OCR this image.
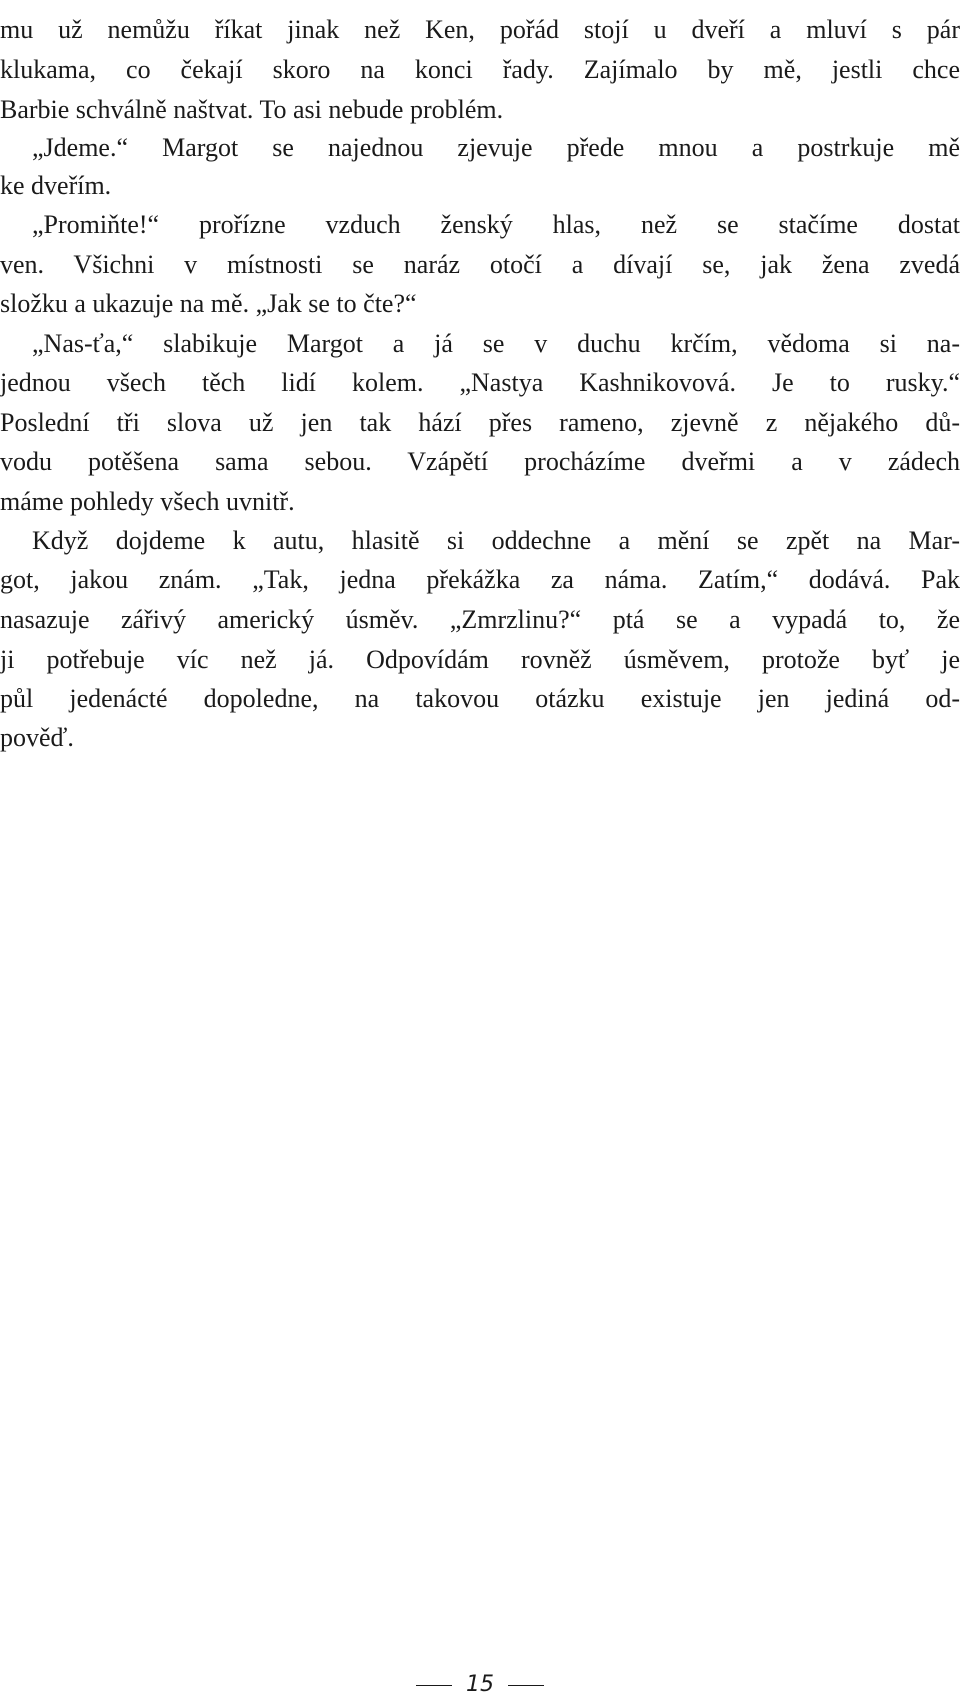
mu už nemůžu říkat jinak než Ken, pořád stojí u dveří a mluví s pár
klukama, co čekají skoro na konci řady. Zajímalo by mě, jestli chce
Barbie schválně naštvat. To asi nebude problém.
„Jdeme.“ Margot se najednou zjevuje přede mnou a postrkuje mě
ke dveřím.
„Promiňte!“ prořízne vzduch ženský hlas, než se stačíme dostat
ven. Všichni v místnosti se naráz otočí a dívají se, jak žena zvedá
složku a ukazuje na mě. „Jak se to čte?“
„Nas-ťa,“ slabikuje Margot a já se v duchu krčím, vědoma si na-
jednou všech těch lidí kolem. „Nastya Kashnikovová. Je to rusky.“
Poslední tři slova už jen tak hází přes rameno, zjevně z nějakého dů-
vodu potěšena sama sebou. Vzápětí procházíme dveřmi a v zádech
máme pohledy všech uvnitř.
Když dojdeme k autu, hlasitě si oddechne a mění se zpět na Mar-
got, jakou znám. „Tak, jedna překážka za náma. Zatím,“ dodává. Pak
nasazuje zářivý americký úsměv. „Zmrzlinu?“ ptá se a vypadá to, že
ji potřebuje víc než já. Odpovídám rovněž úsměvem, protože byť je
půl jedenácté dopoledne, na takovou otázku existuje jen jediná od-
pověď.
15
